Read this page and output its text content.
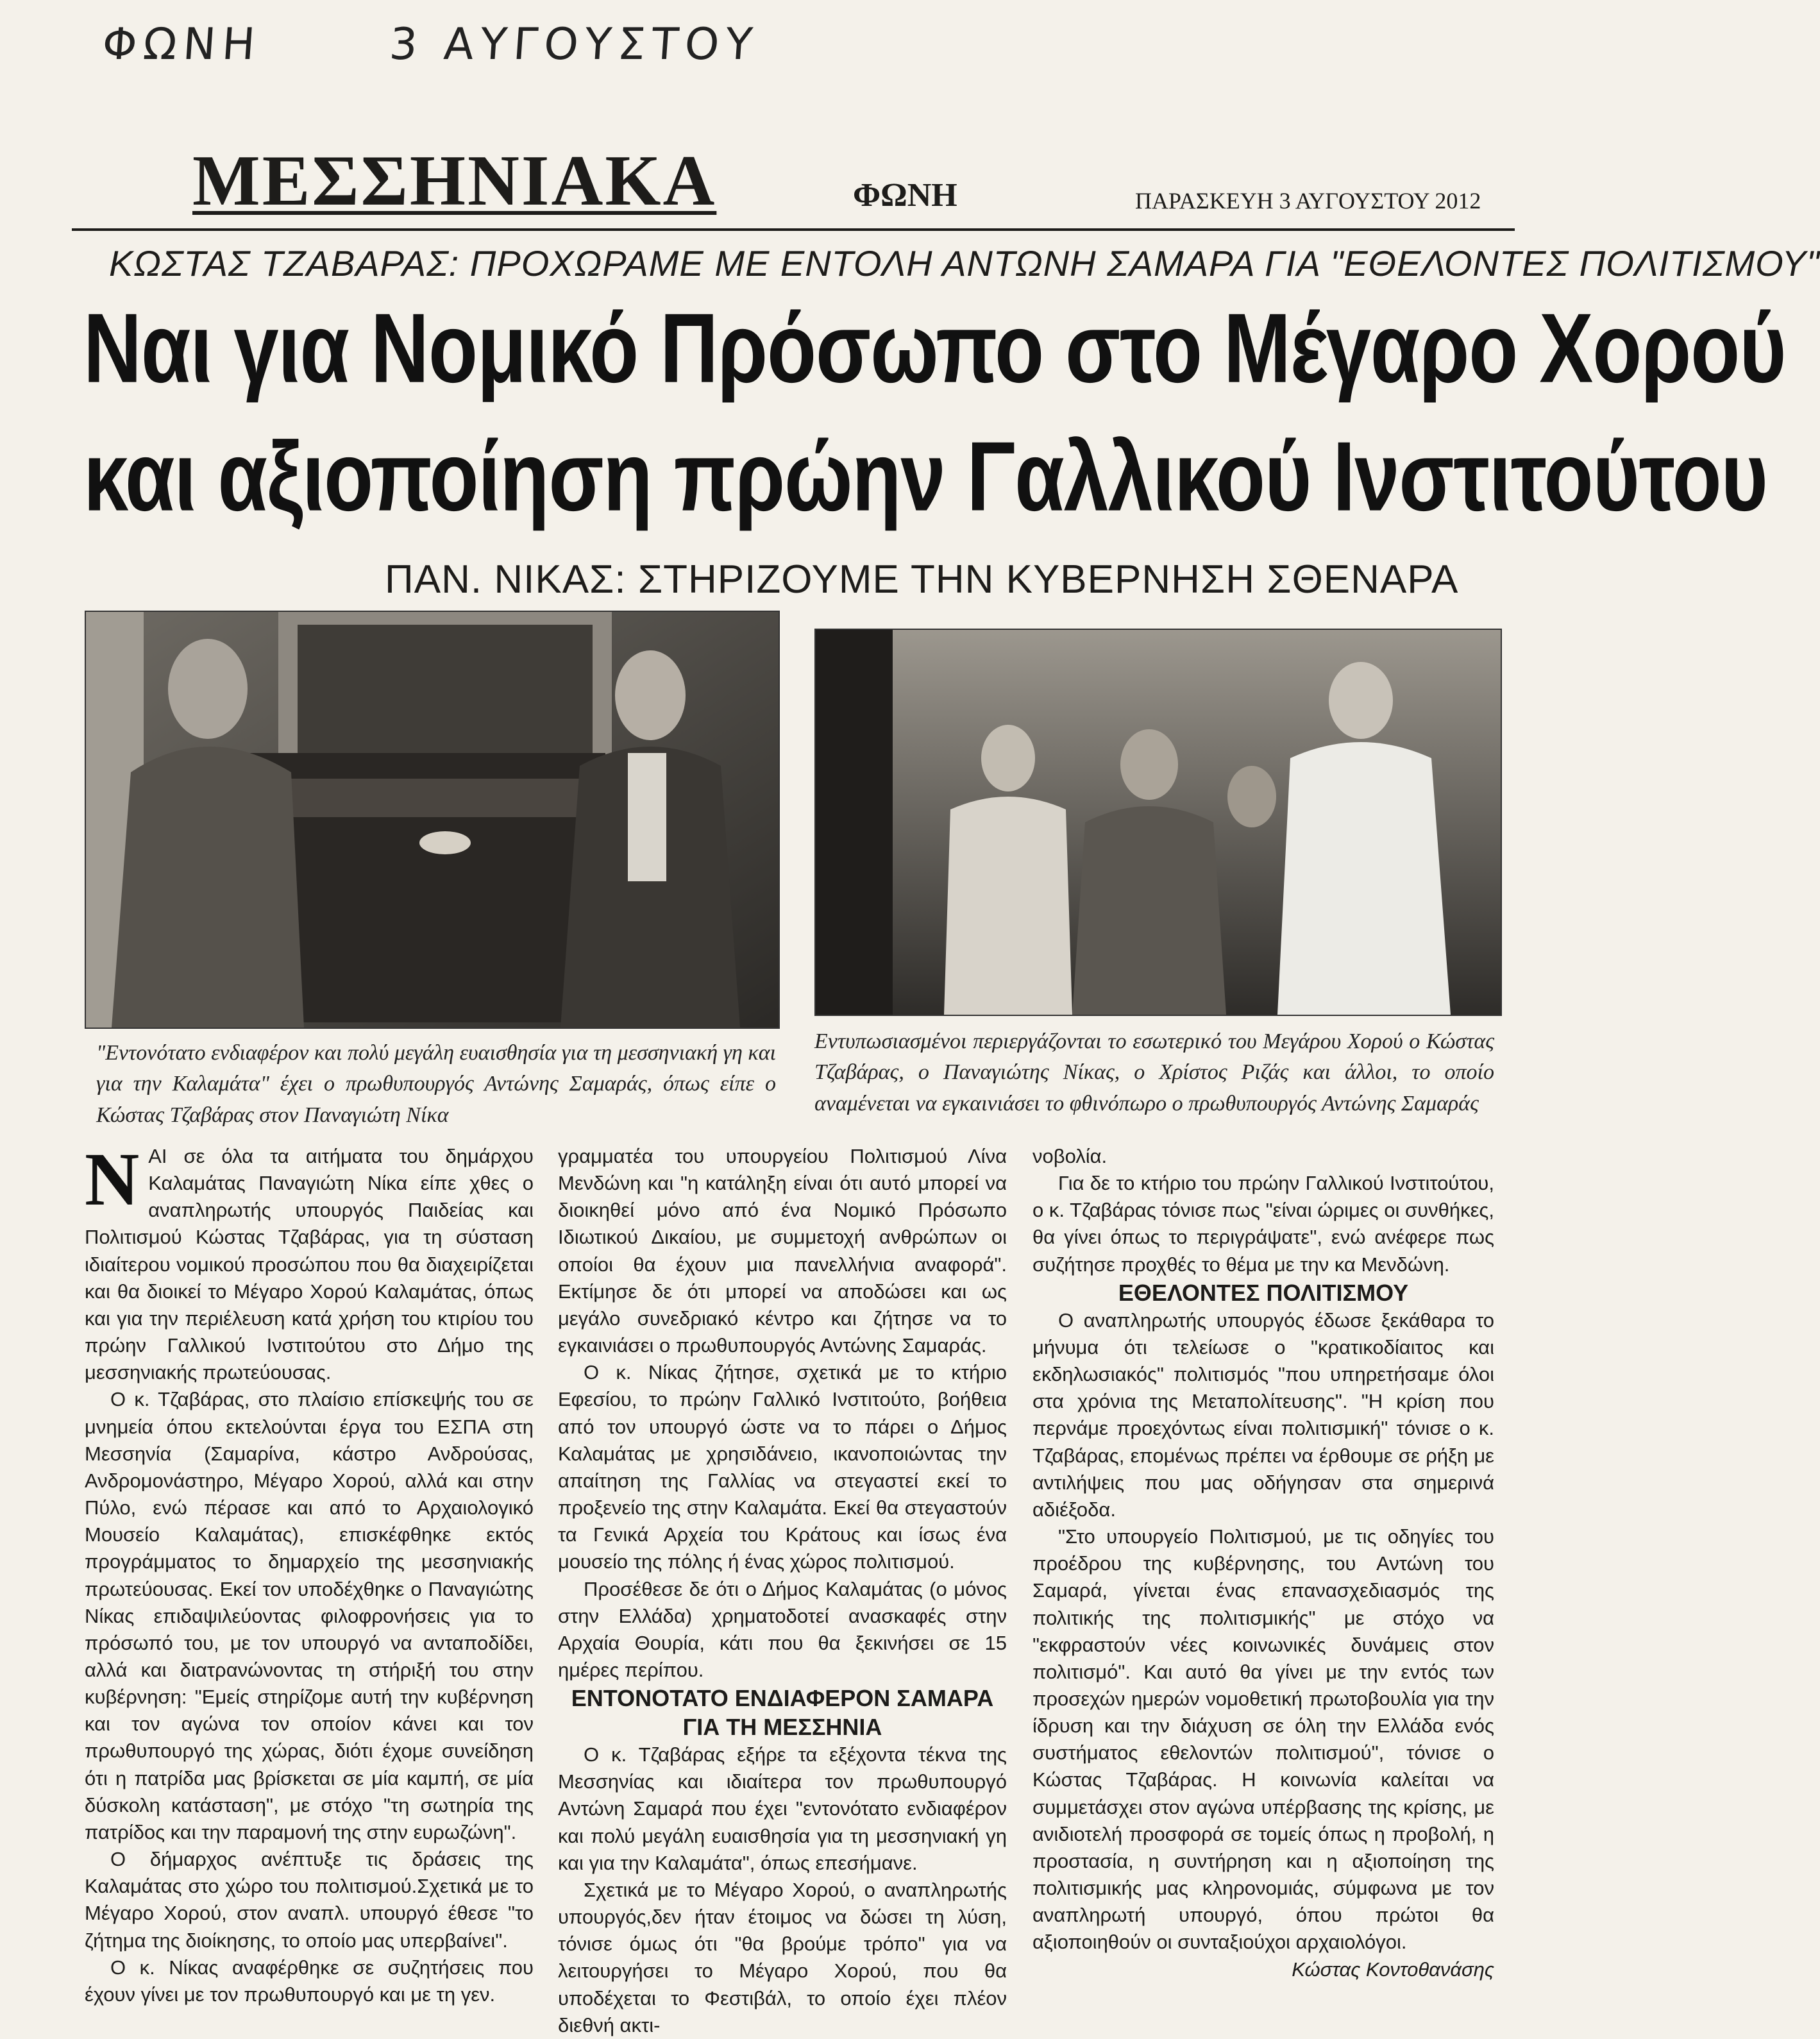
ΦΩΝΗ	3 ΑΥΓΟΥΣΤΟΥ
ΜΕΣΣΗΝΙΑΚΑ	ΦΩΝΗ	ΠΑΡΑΣΚΕΥΗ 3 ΑΥΓΟΥΣΤΟΥ 2012
ΚΩΣΤΑΣ ΤΖΑΒΑΡΑΣ: ΠΡΟΧΩΡΑΜΕ ΜΕ ΕΝΤΟΛΗ ΑΝΤΩΝΗ ΣΑΜΑΡΑ ΓΙΑ "ΕΘΕΛΟΝΤΕΣ ΠΟΛΙΤΙΣΜΟΥ"
Ναι για Νομικό Πρόσωπο στο Μέγαρο Χορού
και αξιοποίηση πρώην Γαλλικού Ινστιτούτου
ΠΑΝ. ΝΙΚΑΣ: ΣΤΗΡΙΖΟΥΜΕ ΤΗΝ ΚΥΒΕΡΝΗΣΗ ΣΘΕΝΑΡΑ
"Εντονότατο ενδιαφέρον και πολύ μεγάλη ευαισθησία για τη μεσσηνιακή γη και για την Καλαμάτα" έχει ο πρωθυπουργός Αντώνης Σαμαράς, όπως είπε ο Κώστας Τζαβάρας στον Παναγιώτη Νίκα
Εντυπωσιασμένοι περιεργάζονται το εσωτερικό του Μεγάρου Χορού ο Κώστας Τζαβάρας, ο Παναγιώτης Νίκας, ο Χρίστος Ριζάς και άλλοι, το οποίο αναμένεται να εγκαινιάσει το φθινόπωρο ο πρωθυπουργός Αντώνης Σαμαράς

ΝΑΙ σε όλα τα αιτήματα του δημάρχου Καλαμάτας Παναγιώτη Νίκα είπε χθες ο αναπληρωτής υπουργός Παιδείας και Πολιτισμού Κώστας Τζαβάρας, για τη σύσταση ιδιαίτερου νομικού προσώπου που θα διαχειρίζεται και θα διοικεί το Μέγαρο Χορού Καλαμάτας, όπως και για την περιέλευση κατά χρήση του κτιρίου του πρώην Γαλλικού Ινστιτούτου στο Δήμο της μεσσηνιακής πρωτεύουσας.

Ο κ. Τζαβάρας, στο πλαίσιο επίσκεψής του σε μνημεία όπου εκτελούνται έργα του ΕΣΠΑ στη Μεσσηνία (Σαμαρίνα, κάστρο Ανδρούσας, Ανδρομονάστηρο, Μέγαρο Χορού, αλλά και στην Πύλο, ενώ πέρασε και από το Αρχαιολογικό Μουσείο Καλαμάτας), επισκέφθηκε εκτός προγράμματος το δημαρχείο της μεσσηνιακής πρωτεύουσας. Εκεί τον υποδέχθηκε ο Παναγιώτης Νίκας επιδαψιλεύοντας φιλοφρονήσεις για το πρόσωπό του, με τον υπουργό να ανταποδίδει, αλλά και διατρανώνοντας τη στήριξή του στην κυβέρνηση: "Εμείς στηρίζομε αυτή την κυβέρνηση και τον αγώνα τον οποίον κάνει και τον πρωθυπουργό της χώρας, διότι έχομε συνείδηση ότι η πατρίδα μας βρίσκεται σε μία καμπή, σε μία δύσκολη κατάσταση", με στόχο "τη σωτηρία της πατρίδος και την παραμονή της στην ευρωζώνη".

Ο δήμαρχος ανέπτυξε τις δράσεις της Καλαμάτας στο χώρο του πολιτισμού.Σχετικά με το Μέγαρο Χορού, στον αναπλ. υπουργό έθεσε "το ζήτημα της διοίκησης, το οποίο μας υπερβαίνει".

Ο κ. Νίκας αναφέρθηκε σε συζητήσεις που έχουν γίνει με τον πρωθυπουργό και με τη γεν.

γραμματέα του υπουργείου Πολιτισμού Λίνα Μενδώνη και "η κατάληξη είναι ότι αυτό μπορεί να διοικηθεί μόνο από ένα Νομικό Πρόσωπο Ιδιωτικού Δικαίου, με συμμετοχή ανθρώπων οι οποίοι θα έχουν μια πανελλήνια αναφορά". Εκτίμησε δε ότι μπορεί να αποδώσει και ως μεγάλο συνεδριακό κέντρο και ζήτησε να το εγκαινιάσει ο πρωθυπουργός Αντώνης Σαμαράς.

Ο κ. Νίκας ζήτησε, σχετικά με το κτήριο Εφεσίου, το πρώην Γαλλικό Ινστιτούτο, βοήθεια από τον υπουργό ώστε να το πάρει ο Δήμος Καλαμάτας με χρησιδάνειο, ικανοποιώντας την απαίτηση της Γαλλίας να στεγαστεί εκεί το προξενείο της στην Καλαμάτα. Εκεί θα στεγαστούν τα Γενικά Αρχεία του Κράτους και ίσως ένα μουσείο της πόλης ή ένας χώρος πολιτισμού.

Προσέθεσε δε ότι ο Δήμος Καλαμάτας (ο μόνος στην Ελλάδα) χρηματοδοτεί ανασκαφές στην Αρχαία Θουρία, κάτι που θα ξεκινήσει σε 15 ημέρες περίπου.

ΕΝΤΟΝΟΤΑΤΟ ΕΝΔΙΑΦΕΡΟΝ ΣΑΜΑΡΑ ΓΙΑ ΤΗ ΜΕΣΣΗΝΙΑ

Ο κ. Τζαβάρας εξήρε τα εξέχοντα τέκνα της Μεσσηνίας και ιδιαίτερα τον πρωθυπουργό Αντώνη Σαμαρά που έχει "εντονότατο ενδιαφέρον και πολύ μεγάλη ευαισθησία για τη μεσσηνιακή γη και για την Καλαμάτα", όπως επεσήμανε.

Σχετικά με το Μέγαρο Χορού, ο αναπληρωτής υπουργός,δεν ήταν έτοιμος να δώσει τη λύση, τόνισε όμως ότι "θα βρούμε τρόπο" για να λειτουργήσει το Μέγαρο Χορού, που θα υποδέχεται το Φεστιβάλ, το οποίο έχει πλέον διεθνή ακτι-

νοβολία.

Για δε το κτήριο του πρώην Γαλλικού Ινστιτούτου, ο κ. Τζαβάρας τόνισε πως "είναι ώριμες οι συνθήκες, θα γίνει όπως το περιγράψατε", ενώ ανέφερε πως συζήτησε προχθές το θέμα με την κα Μενδώνη.

ΕΘΕΛΟΝΤΕΣ ΠΟΛΙΤΙΣΜΟΥ

Ο αναπληρωτής υπουργός έδωσε ξεκάθαρα το μήνυμα ότι τελείωσε ο "κρατικοδίαιτος και εκδηλωσιακός" πολιτισμός "που υπηρετήσαμε όλοι στα χρόνια της Μεταπολίτευσης". "Η κρίση που περνάμε προεχόντως είναι πολιτισμική" τόνισε ο κ. Τζαβάρας, επομένως πρέπει να έρθουμε σε ρήξη με αντιλήψεις που μας οδήγησαν στα σημερινά αδιέξοδα.

"Στο υπουργείο Πολιτισμού, με τις οδηγίες του προέδρου της κυβέρνησης, του Αντώνη του Σαμαρά, γίνεται ένας επανασχεδιασμός της πολιτικής της πολιτισμικής" με στόχο να "εκφραστούν νέες κοινωνικές δυνάμεις στον πολιτισμό". Και αυτό θα γίνει με την εντός των προσεχών ημερών νομοθετική πρωτοβουλία για την ίδρυση και την διάχυση σε όλη την Ελλάδα ενός συστήματος εθελοντών πολιτισμού", τόνισε ο Κώστας Τζαβάρας. Η κοινωνία καλείται να συμμετάσχει στον αγώνα υπέρβασης της κρίσης, με ανιδιοτελή προσφορά σε τομείς όπως η προβολή, η προστασία, η συντήρηση και η αξιοποίηση της πολιτισμικής μας κληρονομιάς, σύμφωνα με τον αναπληρωτή υπουργό, όπου πρώτοι θα αξιοποιηθούν οι συνταξιούχοι αρχαιολόγοι.

Κώστας Κοντοθανάσης
